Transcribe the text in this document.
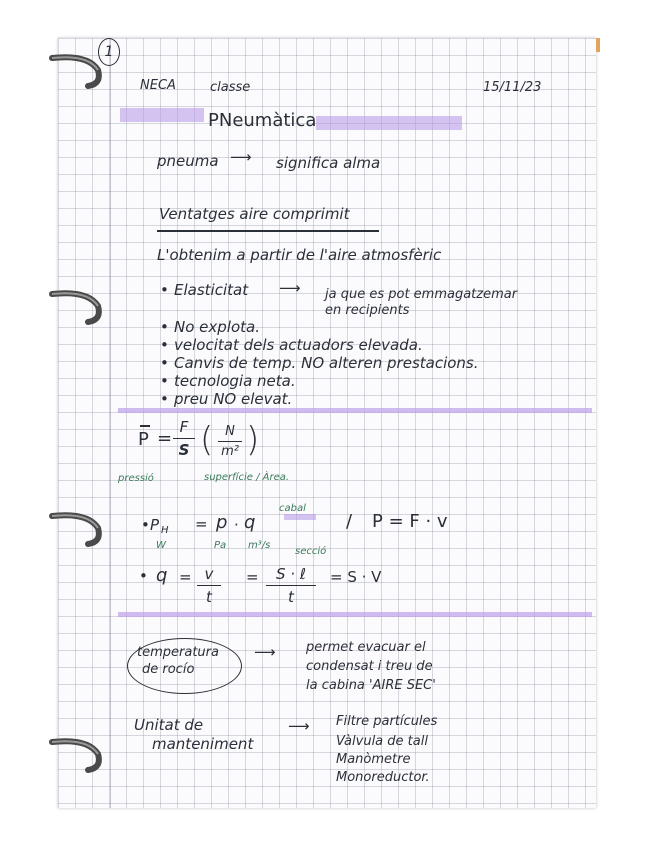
1
NECA	classe	15/11/23
PNeumàtica
pneuma ⟶ significa alma
Ventatges aire comprimit
L'obtenim a partir de l'aire atmosfèric
• Elasticitat ⟶ ja que es pot emmagatzemar
en recipients
• No explota.
• velocitat dels actuadors elevada.
• Canvis de temp. NO alteren prestacions.
• tecnologia neta.
• preu NO elevat.
P =
F
S ( N
m² )
pressió	superfície / Àrea.
• P H
W
= p · q
Pa m³/s
cabal
/ P = F · v
• q = v
t
=	S · ℓ
t
secció
= S · V
temperatura
de rocío
⟶ permet evacuar el
condensat i treu de
la cabina 'AIRE SEC'
Unitat de
manteniment
⟶ Filtre partícules
Vàlvula de tall
Manòmetre
Monoreductor.
